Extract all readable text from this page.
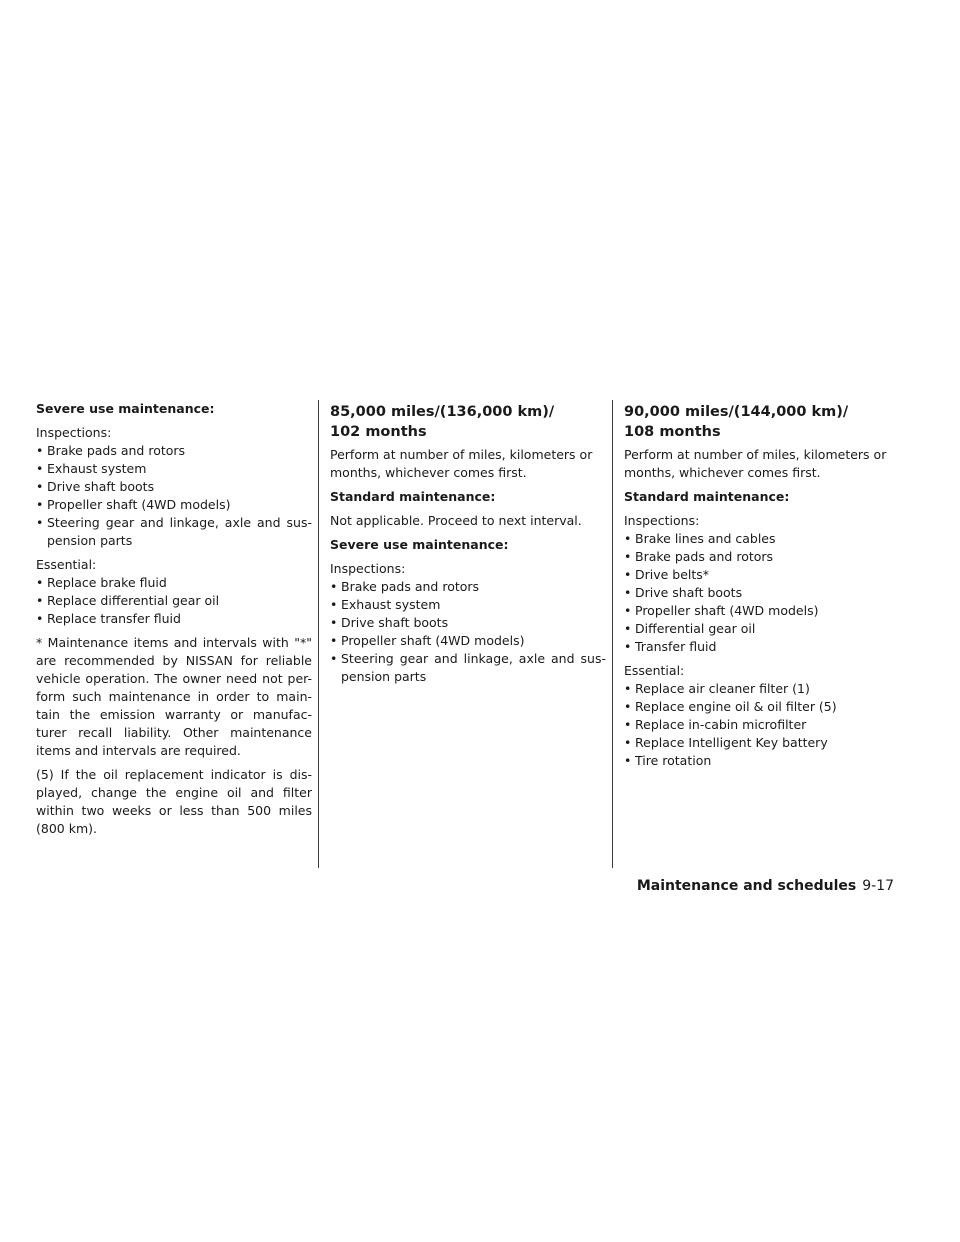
Severe use maintenance:
Inspections:
• Brake pads and rotors
• Exhaust system
• Drive shaft boots
• Propeller shaft (4WD models)
• Steering gear and linkage, axle and sus-pension parts
Essential:
• Replace brake fluid
• Replace differential gear oil
• Replace transfer fluid
* Maintenance items and intervals with "*" are recommended by NISSAN for reliable vehicle operation. The owner need not per-form such maintenance in order to main-tain the emission warranty or manufac-turer recall liability. Other maintenance items and intervals are required.
(5) If the oil replacement indicator is dis-played, change the engine oil and filter within two weeks or less than 500 miles (800 km).
85,000 miles/(136,000 km)/
102 months
Perform at number of miles, kilometers or months, whichever comes first.
Standard maintenance:
Not applicable. Proceed to next interval.
Severe use maintenance:
Inspections:
• Brake pads and rotors
• Exhaust system
• Drive shaft boots
• Propeller shaft (4WD models)
• Steering gear and linkage, axle and sus-pension parts
90,000 miles/(144,000 km)/
108 months
Perform at number of miles, kilometers or months, whichever comes first.
Standard maintenance:
Inspections:
• Brake lines and cables
• Brake pads and rotors
• Drive belts*
• Drive shaft boots
• Propeller shaft (4WD models)
• Differential gear oil
• Transfer fluid
Essential:
• Replace air cleaner filter (1)
• Replace engine oil & oil filter (5)
• Replace in-cabin microfilter
• Replace Intelligent Key battery
• Tire rotation
Maintenance and schedules 9-17
